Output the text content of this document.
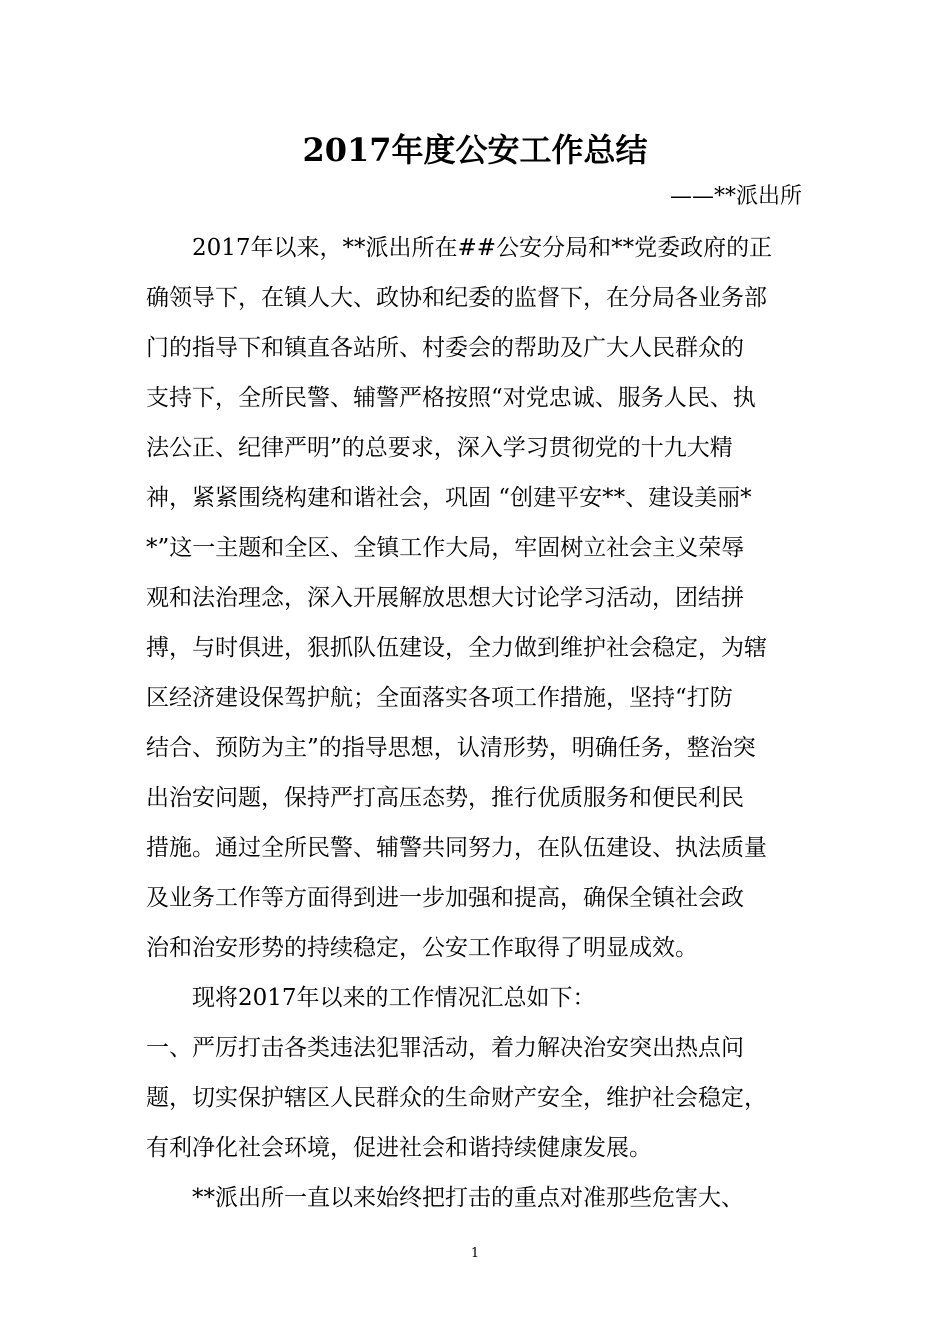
2017年度公安工作总结
——**派出所
　　2017年以来，**派出所在##公安分局和**党委政府的正
确领导下，在镇人大、政协和纪委的监督下，在分局各业务部
门的指导下和镇直各站所、村委会的帮助及广大人民群众的
支持下，全所民警、辅警严格按照“对党忠诚、服务人民、执
法公正、纪律严明”的总要求，深入学习贯彻党的十九大精
神，紧紧围绕构建和谐社会，巩固 “创建平安**、建设美丽*
*”这一主题和全区、全镇工作大局，牢固树立社会主义荣辱
观和法治理念，深入开展解放思想大讨论学习活动，团结拼
搏，与时俱进，狠抓队伍建设，全力做到维护社会稳定，为辖
区经济建设保驾护航；全面落实各项工作措施，坚持“打防
结合、预防为主”的指导思想，认清形势，明确任务，整治突
出治安问题，保持严打高压态势，推行优质服务和便民利民
措施。通过全所民警、辅警共同努力，在队伍建设、执法质量
及业务工作等方面得到进一步加强和提高，确保全镇社会政
治和治安形势的持续稳定，公安工作取得了明显成效。
　　现将2017年以来的工作情况汇总如下：
一、严厉打击各类违法犯罪活动，着力解决治安突出热点问
题，切实保护辖区人民群众的生命财产安全，维护社会稳定，
有利净化社会环境，促进社会和谐持续健康发展。
　　**派出所一直以来始终把打击的重点对准那些危害大、
1
